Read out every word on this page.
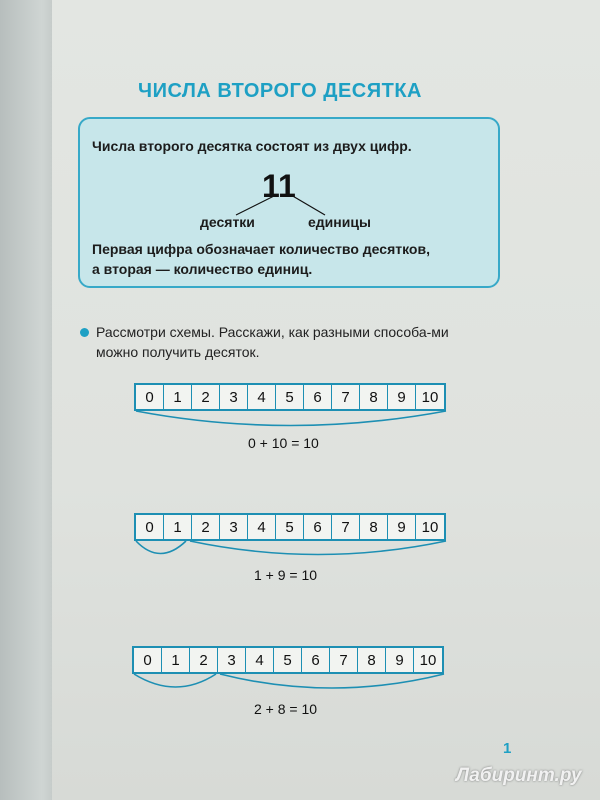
ЧИСЛА ВТОРОГО ДЕСЯТКА
Числа второго десятка состоят из двух цифр.
11
десятки	единицы
Первая цифра обозначает количество десятков,
а вторая — количество единиц.
Рассмотри схемы. Расскажи, как разными способа-ми можно получить десяток.
0	1	2	3	4	5	6	7	8	9	10
0 + 10 = 10
0	1	2	3	4	5	6	7	8	9	10
1 + 9 = 10
0	1	2	3	4	5	6	7	8	9	10
2 + 8 = 10
1
Лабиринт.ру
